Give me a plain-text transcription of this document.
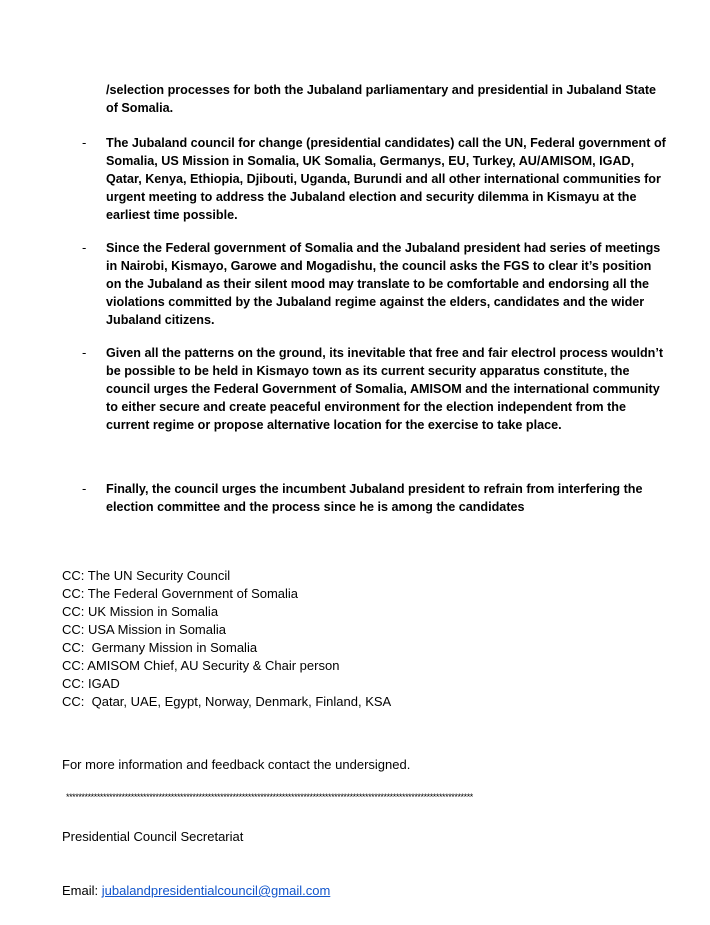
/selection processes for both the Jubaland parliamentary and presidential in Jubaland State of Somalia.
- The Jubaland council for change (presidential candidates) call the UN, Federal government of Somalia, US Mission in Somalia, UK Somalia, Germanys, EU, Turkey, AU/AMISOM, IGAD, Qatar, Kenya, Ethiopia, Djibouti, Uganda, Burundi and all other international communities for urgent meeting to address the Jubaland election and security dilemma in Kismayu at the earliest time possible.
- Since the Federal government of Somalia and the Jubaland president had series of meetings in Nairobi, Kismayo, Garowe and Mogadishu, the council asks the FGS to clear it’s position on the Jubaland as their silent mood may translate to be comfortable and endorsing all the violations committed by the Jubaland regime against the elders, candidates and the wider Jubaland citizens.
- Given all the patterns on the ground, its inevitable that free and fair electrol process wouldn’t be possible to be held in Kismayo town as its current security apparatus constitute, the council urges the Federal Government of Somalia, AMISOM and the international community to either secure and create peaceful environment for the election independent from the current regime or propose alternative location for the exercise to take place.
- Finally, the council urges the incumbent Jubaland president to refrain from interfering the election committee and the process since he is among the candidates
CC: The UN Security Council
CC: The Federal Government of Somalia
CC: UK Mission in Somalia
CC: USA Mission in Somalia
CC:  Germany Mission in Somalia
CC: AMISOM Chief, AU Security & Chair person
CC: IGAD
CC:  Qatar, UAE, Egypt, Norway, Denmark, Finland, KSA
For more information and feedback contact the undersigned.
************************************************************************************************************************************
Presidential Council Secretariat
Email: jubalandpresidentialcouncil@gmail.com
